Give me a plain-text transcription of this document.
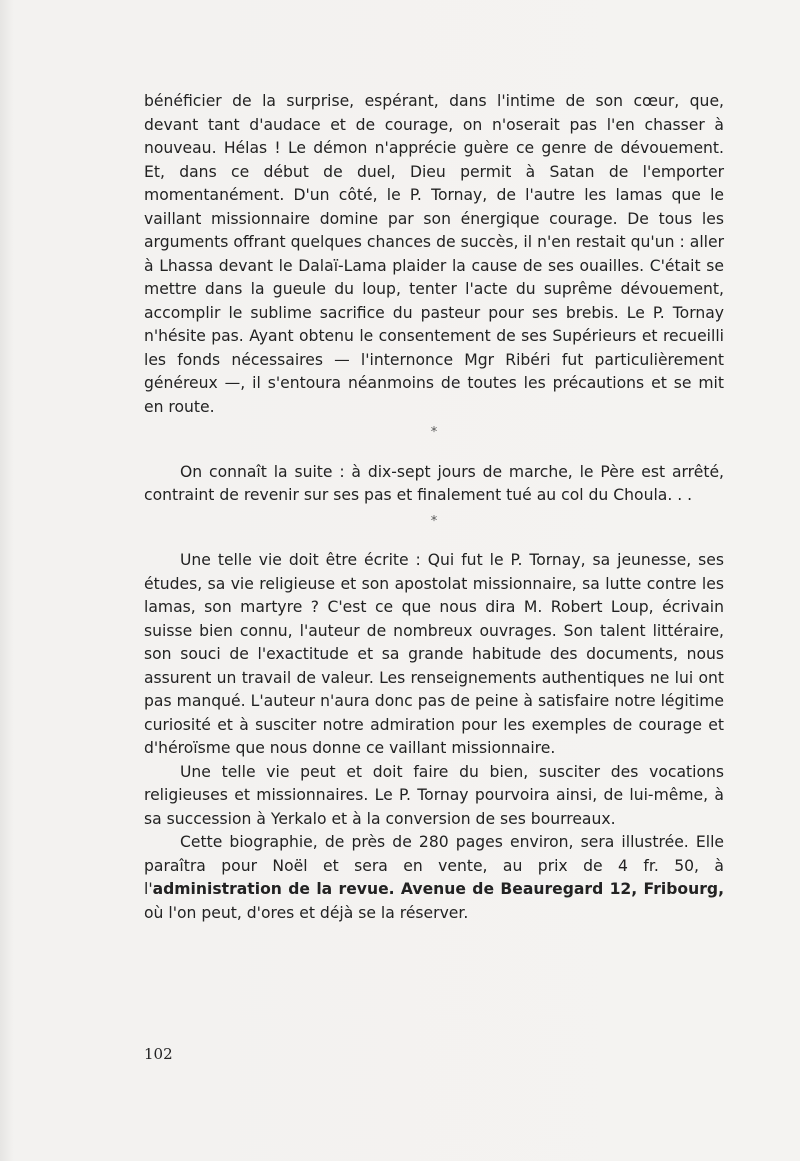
bénéficier de la surprise, espérant, dans l'intime de son cœur, que, devant tant d'audace et de courage, on n'oserait pas l'en chasser à nouveau. Hélas ! Le démon n'apprécie guère ce genre de dévouement. Et, dans ce début de duel, Dieu permit à Satan de l'emporter momentanément. D'un côté, le P. Tornay, de l'autre les lamas que le vaillant missionnaire domine par son énergique courage. De tous les arguments offrant quelques chances de succès, il n'en restait qu'un : aller à Lhassa devant le Dalaï-Lama plaider la cause de ses ouailles. C'était se mettre dans la gueule du loup, tenter l'acte du suprême dévouement, accomplir le sublime sacrifice du pasteur pour ses brebis. Le P. Tornay n'hésite pas. Ayant obtenu le consentement de ses Supérieurs et recueilli les fonds nécessaires — l'internonce Mgr Ribéri fut particulièrement généreux —, il s'entoura néanmoins de toutes les précautions et se mit en route.

*

On connaît la suite : à dix-sept jours de marche, le Père est arrêté, contraint de revenir sur ses pas et finalement tué au col du Choula. . .

*

Une telle vie doit être écrite : Qui fut le P. Tornay, sa jeunesse, ses études, sa vie religieuse et son apostolat missionnaire, sa lutte contre les lamas, son martyre ? C'est ce que nous dira M. Robert Loup, écrivain suisse bien connu, l'auteur de nombreux ouvrages. Son talent littéraire, son souci de l'exactitude et sa grande habitude des documents, nous assurent un travail de valeur. Les renseignements authentiques ne lui ont pas manqué. L'auteur n'aura donc pas de peine à satisfaire notre légitime curiosité et à susciter notre admiration pour les exemples de courage et d'héroïsme que nous donne ce vaillant missionnaire.

Une telle vie peut et doit faire du bien, susciter des vocations religieuses et missionnaires. Le P. Tornay pourvoira ainsi, de lui-même, à sa succession à Yerkalo et à la conversion de ses bourreaux.

Cette biographie, de près de 280 pages environ, sera illustrée. Elle paraîtra pour Noël et sera en vente, au prix de 4 fr. 50, à l'administration de la revue. Avenue de Beauregard 12, Fribourg, où l'on peut, d'ores et déjà se la réserver.

102
